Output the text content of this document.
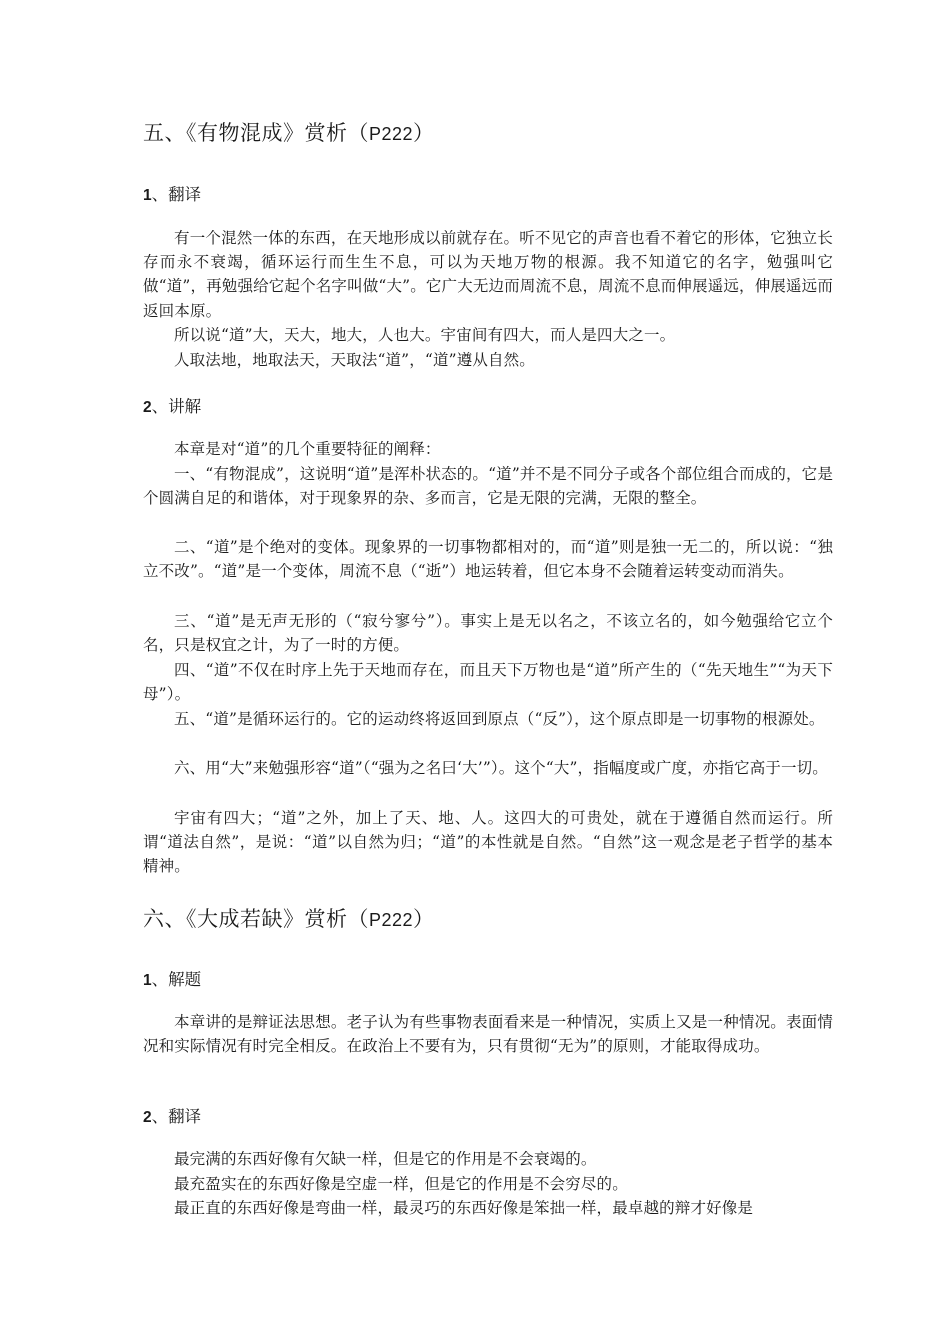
五、《有物混成》赏析（P222）
1、翻译

有一个混然一体的东西，在天地形成以前就存在。听不见它的声音也看不着它的形体，它独立长存而永不衰竭，循环运行而生生不息，可以为天地万物的根源。我不知道它的名字，勉强叫它做“道”，再勉强给它起个名字叫做“大”。它广大无边而周流不息，周流不息而伸展遥远，伸展遥远而返回本原。

所以说“道”大，天大，地大，人也大。宇宙间有四大，而人是四大之一。

人取法地，地取法天，天取法“道”，“道”遵从自然。

2、讲解

本章是对“道”的几个重要特征的阐释：

一、“有物混成”，这说明“道”是浑朴状态的。“道”并不是不同分子或各个部位组合而成的，它是个圆满自足的和谐体，对于现象界的杂、多而言，它是无限的完满，无限的整全。

二、“道”是个绝对的变体。现象界的一切事物都相对的，而“道”则是独一无二的，所以说：“独立不改”。“道”是一个变体，周流不息（“逝”）地运转着，但它本身不会随着运转变动而消失。

三、“道”是无声无形的（“寂兮寥兮”）。事实上是无以名之，不该立名的，如今勉强给它立个名，只是权宜之计，为了一时的方便。

四、“道”不仅在时序上先于天地而存在，而且天下万物也是“道”所产生的（“先天地生”“为天下母”）。

五、“道”是循环运行的。它的运动终将返回到原点（“反”），这个原点即是一切事物的根源处。

六、用“大”来勉强形容“道”（“强为之名曰‘大’”）。这个“大”，指幅度或广度，亦指它高于一切。

宇宙有四大；“道”之外，加上了天、地、人。这四大的可贵处，就在于遵循自然而运行。所谓“道法自然”，是说：“道”以自然为归；“道”的本性就是自然。“自然”这一观念是老子哲学的基本精神。

六、《大成若缺》赏析（P222）
1、解题

本章讲的是辩证法思想。老子认为有些事物表面看来是一种情况，实质上又是一种情况。表面情况和实际情况有时完全相反。在政治上不要有为，只有贯彻“无为”的原则，才能取得成功。

2、翻译

最完满的东西好像有欠缺一样，但是它的作用是不会衰竭的。

最充盈实在的东西好像是空虚一样，但是它的作用是不会穷尽的。

最正直的东西好像是弯曲一样，最灵巧的东西好像是笨拙一样，最卓越的辩才好像是
